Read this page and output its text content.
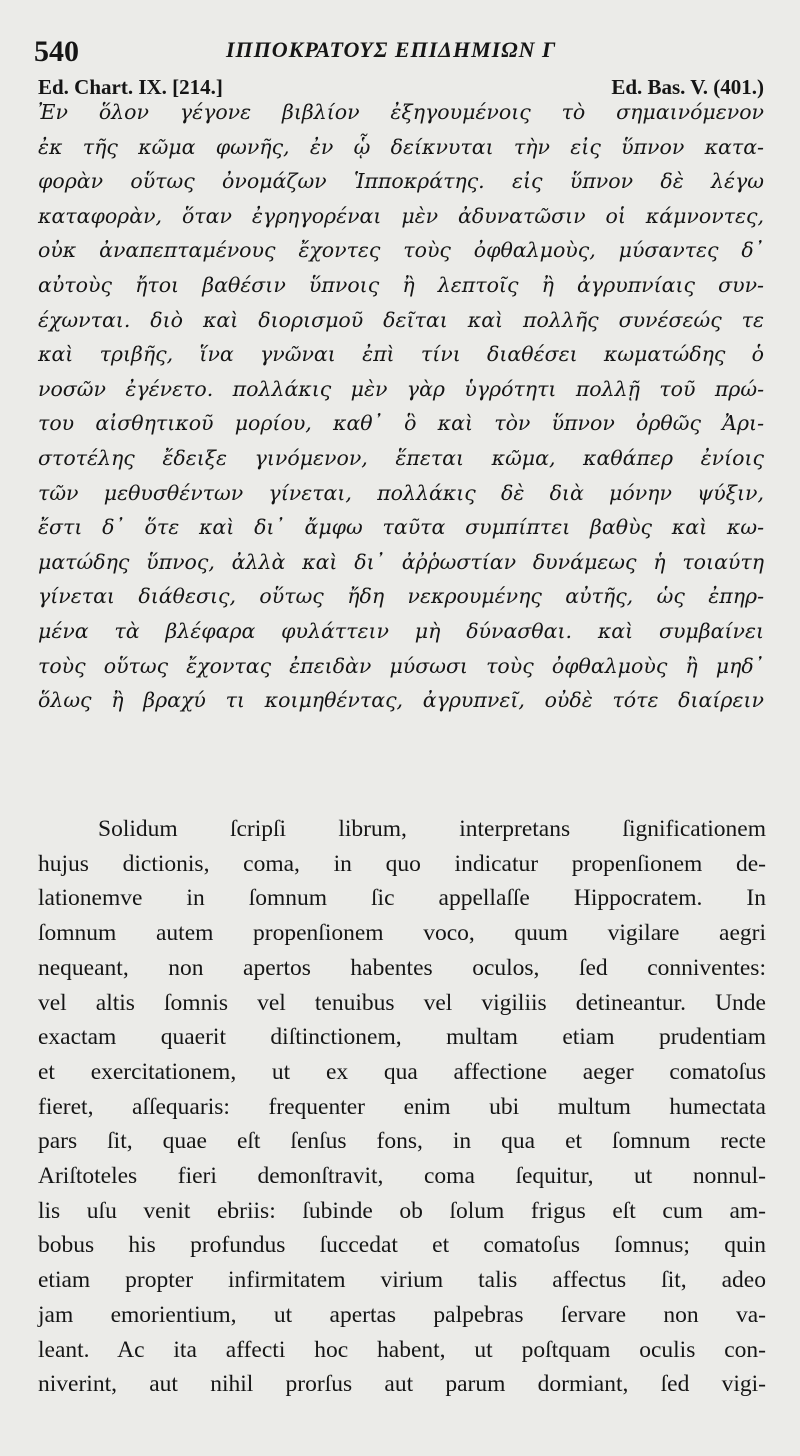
540	ΙΠΠΟΚΡΑΤΟΥΣ ΕΠΙΔΗΜΙΩΝ Γ
Ed. Chart. IX. [214.]	Ed. Bas. V. (401.)
Ἐν ὅλον γέγονε βιβλίον ἐξηγουμένοις τὸ σημαινόμενον
ἐκ τῆς κῶμα φωνῆς, ἐν ᾧ δείκνυται τὴν εἰς ὕπνον κατα-
φορὰν οὕτως ὀνομάζων Ἱπποκράτης. εἰς ὕπνον δὲ λέγω
καταφορὰν, ὅταν ἐγρηγορέναι μὲν ἀδυνατῶσιν οἱ κάμνοντες,
οὐκ ἀναπεπταμένους ἔχοντες τοὺς ὀφθαλμοὺς, μύσαντες δ᾽
αὐτοὺς ἤτοι βαθέσιν ὕπνοις ἢ λεπτοῖς ἢ ἀγρυπνίαις συν-
έχωνται. διὸ καὶ διορισμοῦ δεῖται καὶ πολλῆς συνέσεώς τε
καὶ τριβῆς, ἵνα γνῶναι ἐπὶ τίνι διαθέσει κωματώδης ὁ
νοσῶν ἐγένετο. πολλάκις μὲν γὰρ ὑγρότητι πολλῇ τοῦ πρώ-
του αἰσθητικοῦ μορίου, καθ᾽ ὃ καὶ τὸν ὕπνον ὀρθῶς Ἀρι-
στοτέλης ἔδειξε γινόμενον, ἕπεται κῶμα, καθάπερ ἐνίοις
τῶν μεθυσθέντων γίνεται, πολλάκις δὲ διὰ μόνην ψύξιν,
ἔστι δ᾽ ὅτε καὶ δι᾽ ἄμφω ταῦτα συμπίπτει βαθὺς καὶ κω-
ματώδης ὕπνος, ἀλλὰ καὶ δι᾽ ἀῤῥωστίαν δυνάμεως ἡ τοιαύτη
γίνεται διάθεσις, οὕτως ἤδη νεκρουμένης αὐτῆς, ὡς ἐπηρ-
μένα τὰ βλέφαρα φυλάττειν μὴ δύνασθαι. καὶ συμβαίνει
τοὺς οὕτως ἔχοντας ἐπειδὰν μύσωσι τοὺς ὀφθαλμοὺς ἢ μηδ᾽
ὅλως ἢ βραχύ τι κοιμηθέντας, ἀγρυπνεῖ, οὐδὲ τότε διαίρειν
Solidum ſcripſi librum, interpretans ſignificationem
hujus dictionis, coma, in quo indicatur propenſionem de-
lationemve in ſomnum ſic appellaſſe Hippocratem. In
ſomnum autem propenſionem voco, quum vigilare aegri
nequeant, non apertos habentes oculos, ſed conniventes:
vel altis ſomnis vel tenuibus vel vigiliis detineantur. Unde
exactam quaerit diſtinctionem, multam etiam prudentiam
et exercitationem, ut ex qua affectione aeger comatoſus
fieret, aſſequaris: frequenter enim ubi multum humectata
pars ſit, quae eſt ſenſus fons, in qua et ſomnum recte
Ariſtoteles fieri demonſtravit, coma ſequitur, ut nonnul-
lis uſu venit ebriis: ſubinde ob ſolum frigus eſt cum am-
bobus his profundus ſuccedat et comatoſus ſomnus; quin
etiam propter infirmitatem virium talis affectus ſit, adeo
jam emorientium, ut apertas palpebras ſervare non va-
leant. Ac ita affecti hoc habent, ut poſtquam oculis con-
niverint, aut nihil prorſus aut parum dormiant, ſed vigi-
